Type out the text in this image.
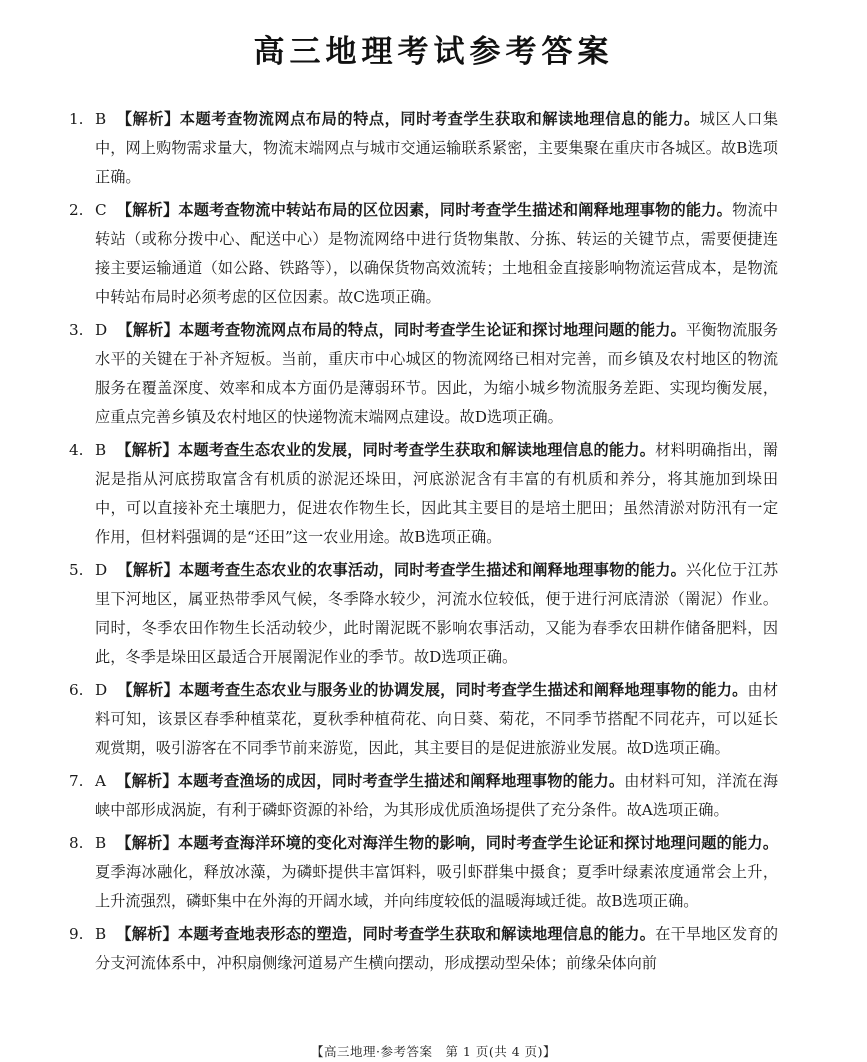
高三地理考试参考答案
1. B 【解析】本题考查物流网点布局的特点，同时考查学生获取和解读地理信息的能力。城区人口集中，网上购物需求量大，物流末端网点与城市交通运输联系紧密，主要集聚在重庆市各城区。故B选项正确。
2. C 【解析】本题考查物流中转站布局的区位因素，同时考查学生描述和阐释地理事物的能力。物流中转站（或称分拨中心、配送中心）是物流网络中进行货物集散、分拣、转运的关键节点，需要便捷连接主要运输通道（如公路、铁路等），以确保货物高效流转；土地租金直接影响物流运营成本，是物流中转站布局时必须考虑的区位因素。故C选项正确。
3. D 【解析】本题考查物流网点布局的特点，同时考查学生论证和探讨地理问题的能力。平衡物流服务水平的关键在于补齐短板。当前，重庆市中心城区的物流网络已相对完善，而乡镇及农村地区的物流服务在覆盖深度、效率和成本方面仍是薄弱环节。因此，为缩小城乡物流服务差距、实现均衡发展，应重点完善乡镇及农村地区的快递物流末端网点建设。故D选项正确。
4. B 【解析】本题考查生态农业的发展，同时考查学生获取和解读地理信息的能力。材料明确指出，罱泥是指从河底捞取富含有机质的淤泥还垛田，河底淤泥含有丰富的有机质和养分，将其施加到垛田中，可以直接补充土壤肥力，促进农作物生长，因此其主要目的是培土肥田；虽然清淤对防汛有一定作用，但材料强调的是“还田”这一农业用途。故B选项正确。
5. D 【解析】本题考查生态农业的农事活动，同时考查学生描述和阐释地理事物的能力。兴化位于江苏里下河地区，属亚热带季风气候，冬季降水较少，河流水位较低，便于进行河底清淤（罱泥）作业。同时，冬季农田作物生长活动较少，此时罱泥既不影响农事活动，又能为春季农田耕作储备肥料，因此，冬季是垛田区最适合开展罱泥作业的季节。故D选项正确。
6. D 【解析】本题考查生态农业与服务业的协调发展，同时考查学生描述和阐释地理事物的能力。由材料可知，该景区春季种植菜花，夏秋季种植荷花、向日葵、菊花，不同季节搭配不同花卉，可以延长观赏期，吸引游客在不同季节前来游览，因此，其主要目的是促进旅游业发展。故D选项正确。
7. A 【解析】本题考查渔场的成因，同时考查学生描述和阐释地理事物的能力。由材料可知，洋流在海峡中部形成涡旋，有利于磷虾资源的补给，为其形成优质渔场提供了充分条件。故A选项正确。
8. B 【解析】本题考查海洋环境的变化对海洋生物的影响，同时考查学生论证和探讨地理问题的能力。夏季海冰融化，释放冰藻，为磷虾提供丰富饵料，吸引虾群集中摄食；夏季叶绿素浓度通常会上升，上升流强烈，磷虾集中在外海的开阔水域，并向纬度较低的温暖海域迁徙。故B选项正确。
9. B 【解析】本题考查地表形态的塑造，同时考查学生获取和解读地理信息的能力。在干旱地区发育的分支河流体系中，冲积扇侧缘河道易产生横向摆动，形成摆动型朵体；前缘朵体向前
【高三地理·参考答案　第 1 页(共 4 页)】
